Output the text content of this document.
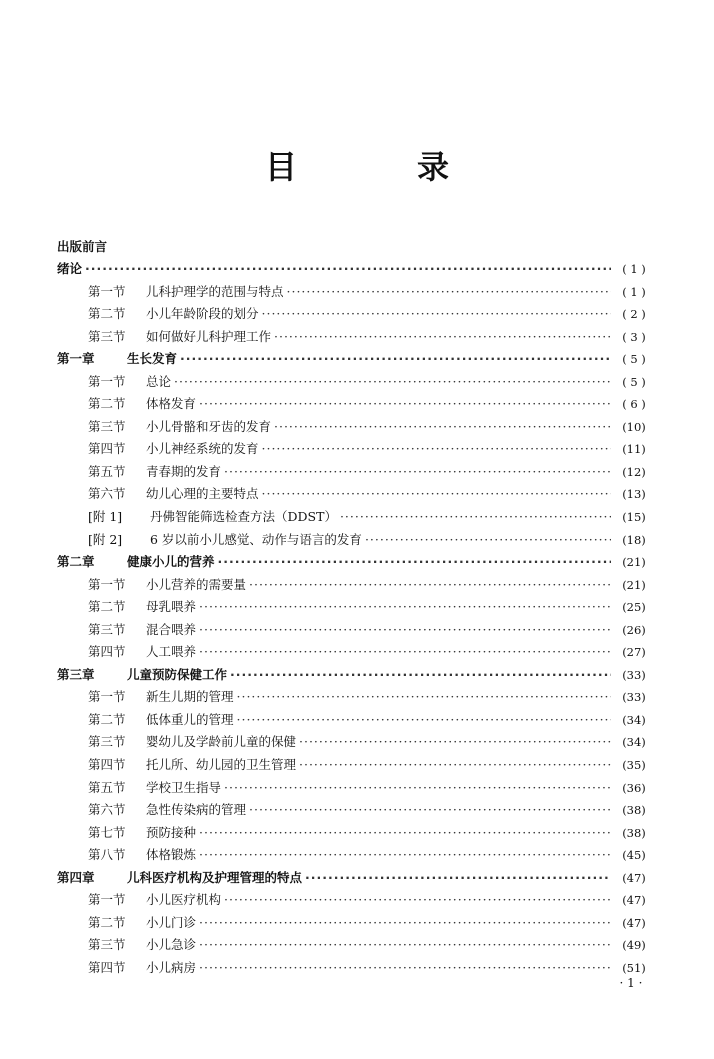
目　录
出版前言
绪论 ·····	( 1 )
第一节	儿科护理学的范围与特点 ·····	( 1 )
第二节	小儿年龄阶段的划分 ·····	( 2 )
第三节	如何做好儿科护理工作 ·····	( 3 )
第一章	生长发育 ·····	( 5 )
第一节	总论 ·····	( 5 )
第二节	体格发育 ·····	( 6 )
第三节	小儿骨骼和牙齿的发育 ·····	(10)
第四节	小儿神经系统的发育 ·····	(11)
第五节	青春期的发育 ·····	(12)
第六节	幼儿心理的主要特点 ·····	(13)
[附 1]	丹佛智能筛选检查方法（DDST） ·····	(15)
[附 2]	6 岁以前小儿感觉、动作与语言的发育 ·····	(18)
第二章	健康小儿的营养 ·····	(21)
第一节	小儿营养的需要量 ·····	(21)
第二节	母乳喂养 ·····	(25)
第三节	混合喂养 ·····	(26)
第四节	人工喂养 ·····	(27)
第三章	儿童预防保健工作 ·····	(33)
第一节	新生儿期的管理 ·····	(33)
第二节	低体重儿的管理 ·····	(34)
第三节	婴幼儿及学龄前儿童的保健 ·····	(34)
第四节	托儿所、幼儿园的卫生管理 ·····	(35)
第五节	学校卫生指导 ·····	(36)
第六节	急性传染病的管理 ·····	(38)
第七节	预防接种 ·····	(38)
第八节	体格锻炼 ·····	(45)
第四章	儿科医疗机构及护理管理的特点 ·····	(47)
第一节	小儿医疗机构 ·····	(47)
第二节	小儿门诊 ·····	(47)
第三节	小儿急诊 ·····	(49)
第四节	小儿病房 ·····	(51)
· 1 ·
